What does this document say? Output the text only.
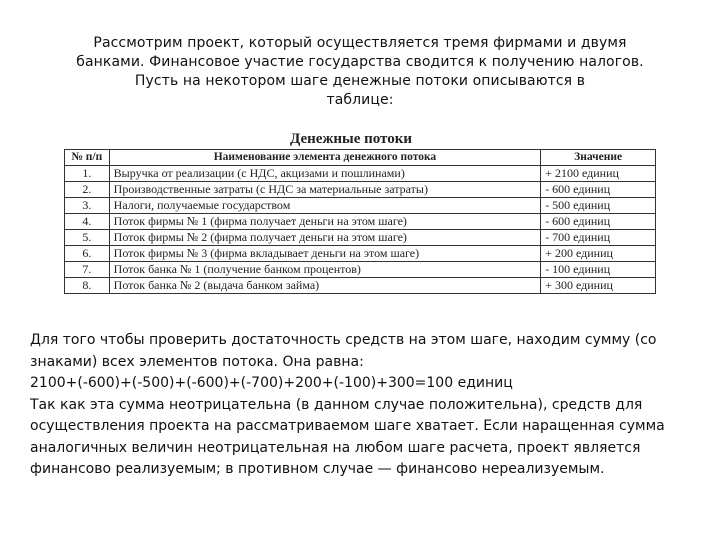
Рассмотрим проект, который осуществляется тремя фирмами и двумя
банками. Финансовое участие государства сводится к получению налогов.
Пусть на некотором шаге денежные потоки описываются в
таблице:
Денежные потоки
№ п/п	Наименование элемента денежного потока	Значение
1.	Выручка от реализации (с НДС, акцизами и пошлинами)	+ 2100 единиц
2.	Производственные затраты (с НДС за материальные затраты)	- 600 единиц
3.	Налоги, получаемые государством	- 500 единиц
4.	Поток фирмы № 1 (фирма получает деньги на этом шаге)	- 600 единиц
5.	Поток фирмы № 2 (фирма получает деньги на этом шаге)	- 700 единиц
6.	Поток фирмы № 3 (фирма вкладывает деньги на этом шаге)	+ 200 единиц
7.	Поток банка № 1 (получение банком процентов)	- 100 единиц
8.	Поток банка № 2 (выдача банком займа)	+ 300 единиц
Для того чтобы проверить достаточность средств на этом шаге, находим сумму (со
знаками) всех элементов потока. Она равна:
2100+(-600)+(-500)+(-600)+(-700)+200+(-100)+300=100 единиц
Так как эта сумма неотрицательна (в данном случае положительна), средств для
осуществления проекта на рассматриваемом шаге хватает. Если наращенная сумма
аналогичных величин неотрицательная на любом шаге расчета, проект является
финансово реализуемым; в противном случае — финансово нереализуемым.
